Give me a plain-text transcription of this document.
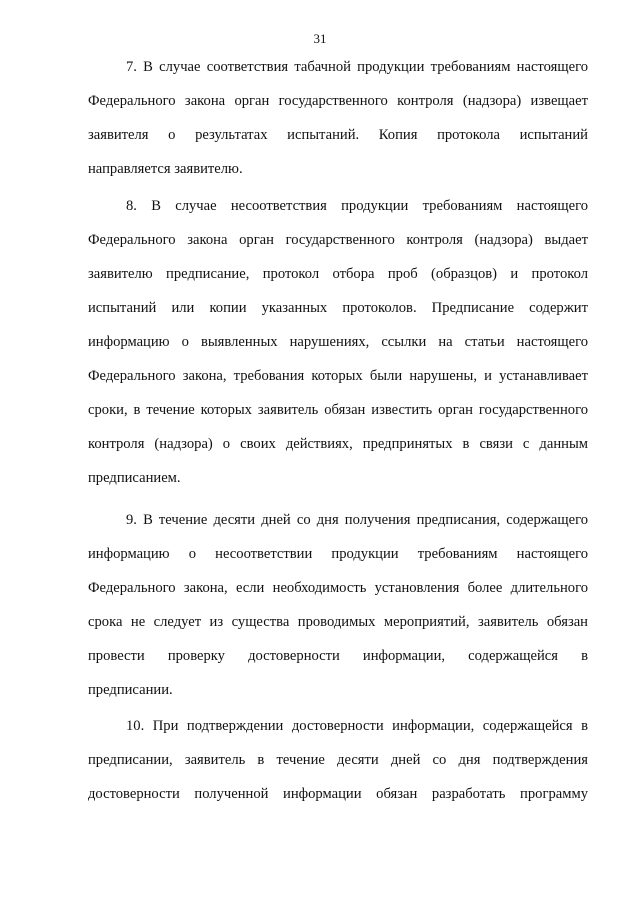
31
7. В случае соответствия табачной продукции требованиям настоящего
Федерального закона орган государственного контроля (надзора) извещает
заявителя о результатах испытаний. Копия протокола испытаний
направляется заявителю.
8. В случае несоответствия продукции требованиям настоящего
Федерального закона орган государственного контроля (надзора) выдает
заявителю предписание, протокол отбора проб (образцов) и протокол
испытаний или копии указанных протоколов. Предписание содержит
информацию о выявленных нарушениях, ссылки на статьи настоящего
Федерального закона, требования которых были нарушены, и устанавливает
сроки, в течение которых заявитель обязан известить орган государственного
контроля (надзора) о своих действиях, предпринятых в связи с данным
предписанием.
9. В течение десяти дней со дня получения предписания, содержащего
информацию о несоответствии продукции требованиям настоящего
Федерального закона, если необходимость установления более длительного
срока не следует из существа проводимых мероприятий, заявитель обязан
провести проверку достоверности информации, содержащейся в
предписании.
10. При подтверждении достоверности информации, содержащейся в
предписании, заявитель в течение десяти дней со дня подтверждения
достоверности полученной информации обязан разработать программу
